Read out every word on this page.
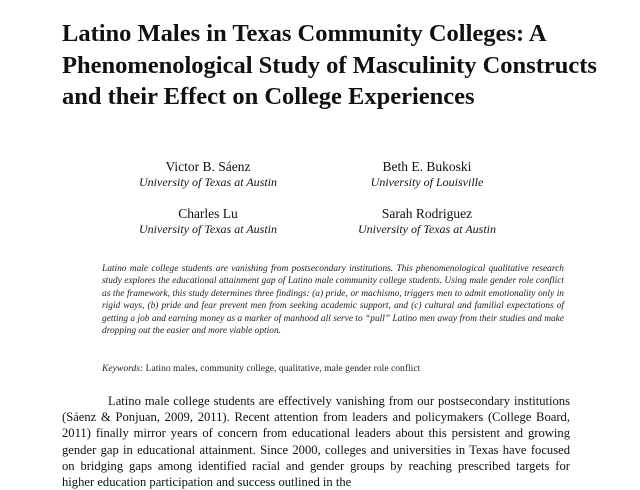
Latino Males in Texas Community Colleges: A Phenomenological Study of Masculinity Constructs and their Effect on College Experiences
Victor B. Sáenz
University of Texas at Austin
Beth E. Bukoski
University of Louisville
Charles Lu
University of Texas at Austin
Sarah Rodriguez
University of Texas at Austin

Latino male college students are vanishing from postsecondary institutions. This phenomenological qualitative research study explores the educational attainment gap of Latino male community college students. Using male gender role conflict as the framework, this study determines three findings: (a) pride, or machismo, triggers men to admit emotionality only in rigid ways, (b) pride and fear prevent men from seeking academic support, and (c) cultural and familial expectations of getting a job and earning money as a marker of manhood all serve to “pull” Latino men away from their studies and make dropping out the easier and more viable option.

Keywords: Latino males, community college, qualitative, male gender role conflict

Latino male college students are effectively vanishing from our postsecondary institutions (Sáenz & Ponjuan, 2009, 2011). Recent attention from leaders and policymakers (College Board, 2011) finally mirror years of concern from educational leaders about this persistent and growing gender gap in educational attainment. Since 2000, colleges and universities in Texas have focused on bridging gaps among identified racial and gender groups by reaching prescribed targets for higher education participation and success outlined in the
